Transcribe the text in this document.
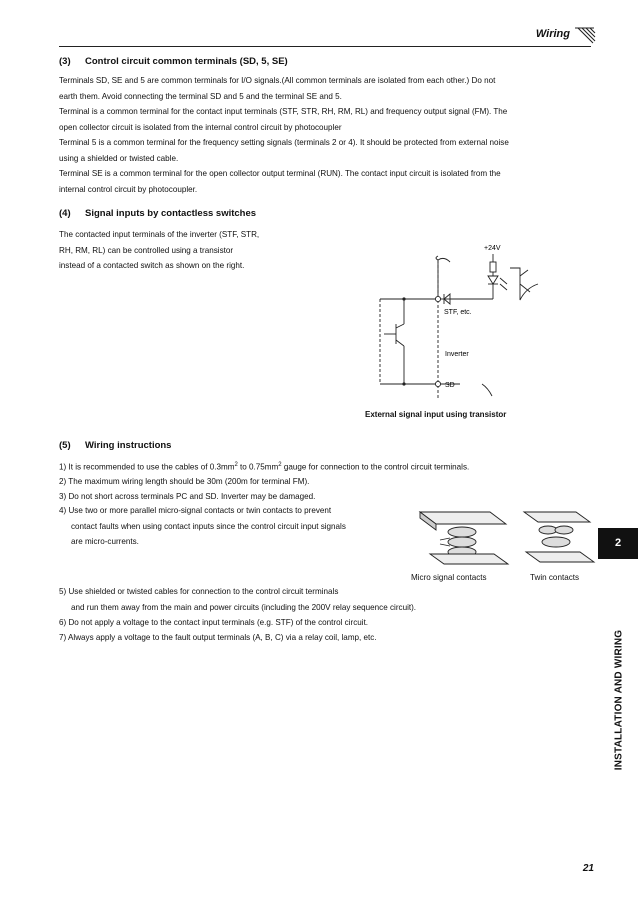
Wiring
(3) Control circuit common terminals (SD, 5, SE)
Terminals SD, SE and 5 are common terminals for I/O signals.(All common terminals are isolated from each other.) Do not
earth them. Avoid connecting the terminal SD and 5 and the terminal SE and 5.
Terminal is a common terminal for the contact input terminals (STF, STR, RH, RM, RL) and frequency output signal (FM). The
open collector circuit is isolated from the internal control circuit by photocoupler
Terminal 5 is a common terminal for the frequency setting signals (terminals 2 or 4). It should be protected from external noise
using a shielded or twisted cable.
Terminal SE is a common terminal for the open collector output terminal (RUN). The contact input circuit is isolated from the
internal control circuit by photocoupler.
(4) Signal inputs by contactless switches
The contacted input terminals of the inverter (STF, STR,
RH, RM, RL) can be controlled using a transistor
instead of a contacted switch as shown on the right.
+24V
STF, etc.
Inverter
SD
External signal input using transistor
(5) Wiring instructions
1) It is recommended to use the cables of $0.3mm^2$ to $0.75mm^2$ gauge for connection to the control circuit terminals.
2) The maximum wiring length should be 30m (200m for terminal FM).
3) Do not short across terminals PC and SD. Inverter may be damaged.
4) Use two or more parallel micro-signal contacts or twin contacts to prevent
contact faults when using contact inputs since the control circuit input signals
are micro-currents.
Micro signal contacts	Twin contacts
5) Use shielded or twisted cables for connection to the control circuit terminals
and run them away from the main and power circuits (including the 200V relay sequence circuit).
6) Do not apply a voltage to the contact input terminals (e.g. STF) of the control circuit.
7) Always apply a voltage to the fault output terminals (A, B, C) via a relay coil, lamp, etc.
2
INSTALLATION AND WIRING
21
